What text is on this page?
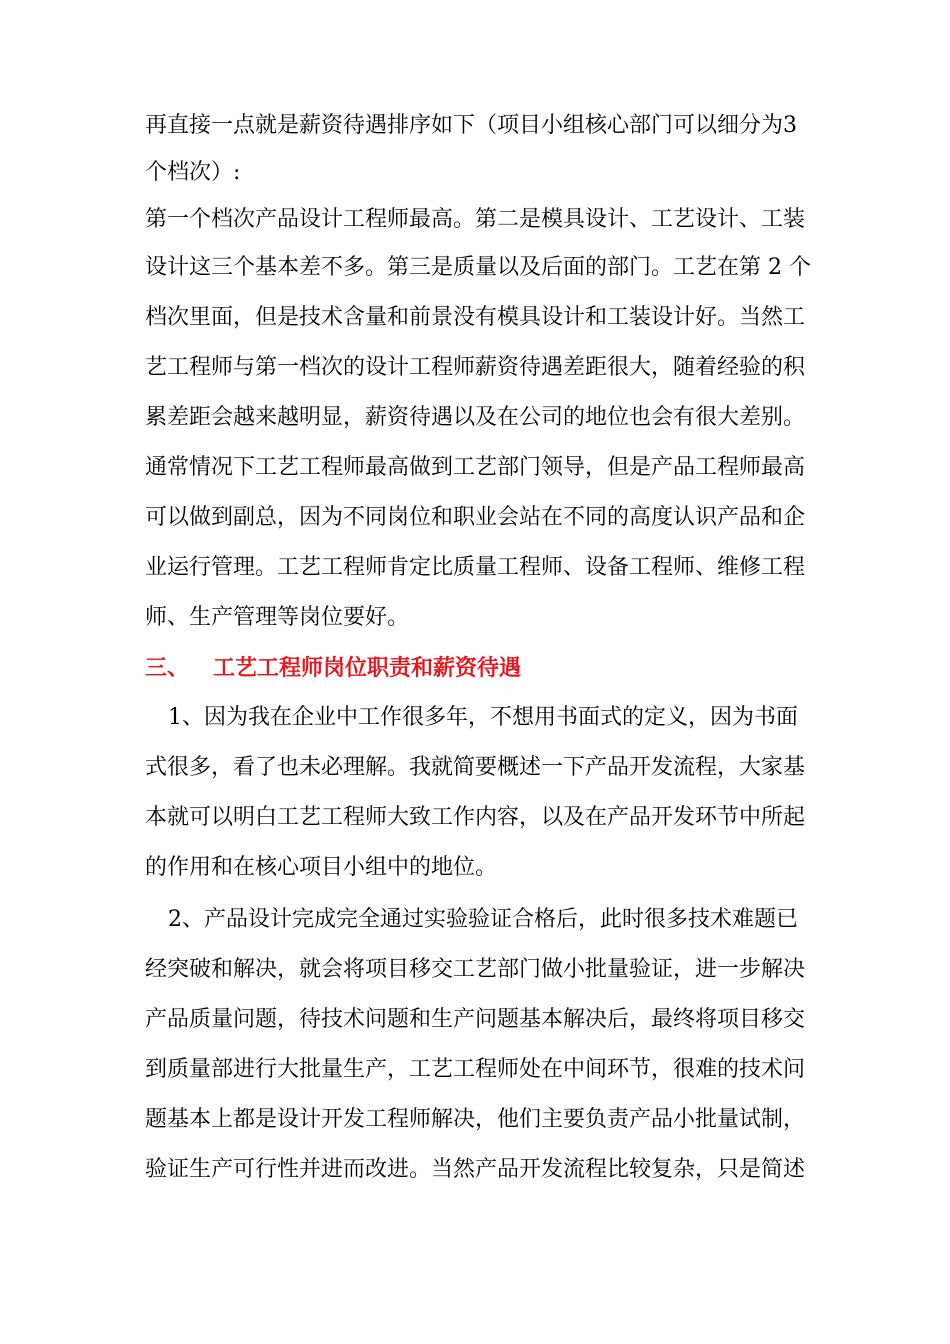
再直接一点就是薪资待遇排序如下（项目小组核心部门可以细分为3
个档次）:
第一个档次产品设计工程师最高。第二是模具设计、工艺设计、工装
设计这三个基本差不多。第三是质量以及后面的部门。工艺在第 2 个
档次里面，但是技术含量和前景没有模具设计和工装设计好。当然工
艺工程师与第一档次的设计工程师薪资待遇差距很大，随着经验的积
累差距会越来越明显，薪资待遇以及在公司的地位也会有很大差别。
通常情况下工艺工程师最高做到工艺部门领导，但是产品工程师最高
可以做到副总，因为不同岗位和职业会站在不同的高度认识产品和企
业运行管理。工艺工程师肯定比质量工程师、设备工程师、维修工程
师、生产管理等岗位要好。
三、 工艺工程师岗位职责和薪资待遇
1、因为我在企业中工作很多年，不想用书面式的定义，因为书面
式很多，看了也未必理解。我就简要概述一下产品开发流程，大家基
本就可以明白工艺工程师大致工作内容，以及在产品开发环节中所起
的作用和在核心项目小组中的地位。
2、产品设计完成完全通过实验验证合格后，此时很多技术难题已
经突破和解决，就会将项目移交工艺部门做小批量验证，进一步解决
产品质量问题，待技术问题和生产问题基本解决后，最终将项目移交
到质量部进行大批量生产，工艺工程师处在中间环节，很难的技术问
题基本上都是设计开发工程师解决，他们主要负责产品小批量试制，
验证生产可行性并进而改进。当然产品开发流程比较复杂，只是简述
